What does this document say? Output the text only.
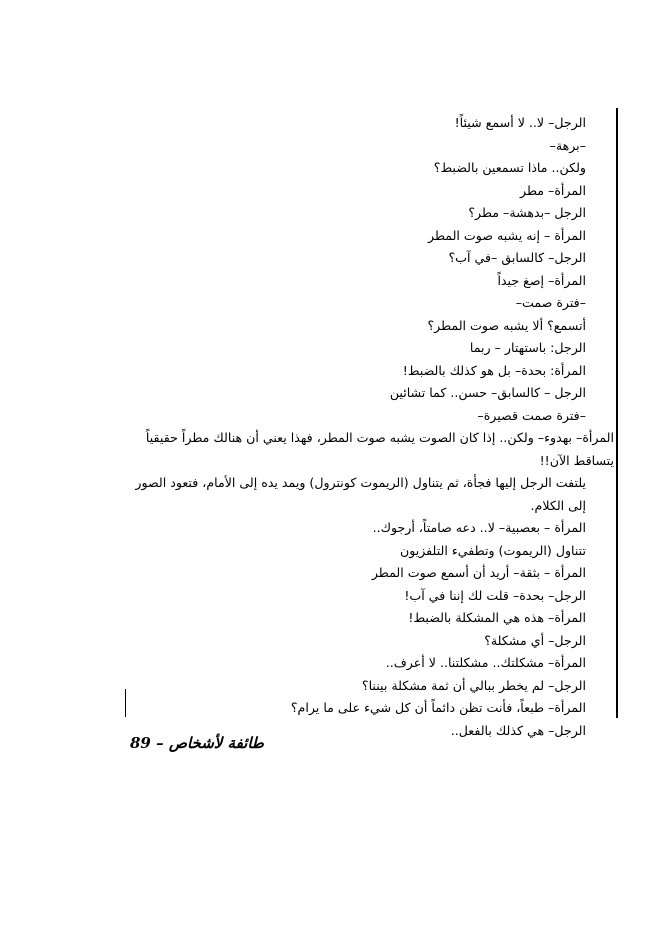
الرجل– لا.. لا أسمع شيئاً!

–برهة–

ولكن.. ماذا تسمعين بالضبط؟

المرأة– مطر

الرجل –بدهشة– مطر؟

المرأة – إنه يشبه صوت المطر

الرجل– كالسابق –في آب؟

المرأة– إصغ جيداً

–فترة صمت–

أتسمع؟ ألا يشبه صوت المطر؟

الرجل: باستهتار – ربما

المرأة: بحدة– بل هو كذلك بالضبط!

الرجل – كالسابق– حسن.. كما تشائين

–فترة صمت قصيرة–

المرأة– بهدوء– ولكن.. إذا كان الصوت يشبه صوت المطر، فهذا يعني أن هنالك مطراً حقيقياً يتساقط الآن!!

يلتفت الرجل إليها فجأة، ثم يتناول (الريموت كونترول) ويمد يده إلى الأمام، فتعود الصور إلى الكلام.

المرأة – بعصبية– لا.. دعه صامتاً، أرجوك..

تتناول (الريموت) وتطفيء التلفزيون

المرأة – بثقة– أريد أن أسمع صوت المطر

الرجل– بحدة– قلت لك إننا في آب!

المرأة– هذه هي المشكلة بالضبط!

الرجل– أي مشكلة؟

المرأة– مشكلتك.. مشكلتنا.. لا أعرف..

الرجل– لم يخطر ببالي أن ثمة مشكلة بيننا؟

المرأة– طبعاً، فأنت تظن دائماً أن كل شيء على ما يرام؟

الرجل– هي كذلك بالفعل..

طائفة لأشخاص – 89
